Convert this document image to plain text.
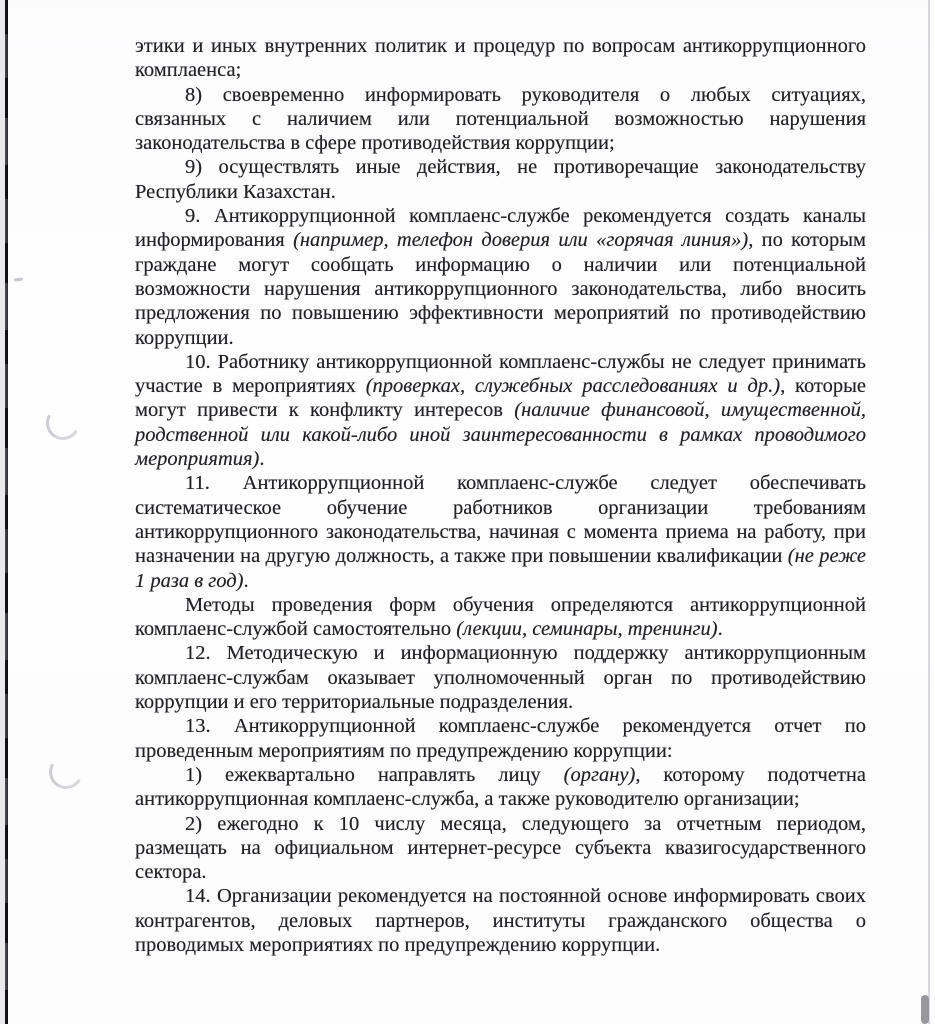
этики и иных внутренних политик и процедур по вопросам антикоррупционного комплаенса;

8) своевременно информировать руководителя о любых ситуациях, связанных с наличием или потенциальной возможностью нарушения законодательства в сфере противодействия коррупции;

9) осуществлять иные действия, не противоречащие законодательству Республики Казахстан.

9. Антикоррупционной комплаенс-службе рекомендуется создать каналы информирования (например, телефон доверия или «горячая линия»), по которым граждане могут сообщать информацию о наличии или потенциальной возможности нарушения антикоррупционного законодательства, либо вносить предложения по повышению эффективности мероприятий по противодействию коррупции.

10. Работнику антикоррупционной комплаенс-службы не следует принимать участие в мероприятиях (проверках, служебных расследованиях и др.), которые могут привести к конфликту интересов (наличие финансовой, имущественной, родственной или какой-либо иной заинтересованности в рамках проводимого мероприятия).

11. Антикоррупционной комплаенс-службе следует обеспечивать систематическое обучение работников организации требованиям антикоррупционного законодательства, начиная с момента приема на работу, при назначении на другую должность, а также при повышении квалификации (не реже 1 раза в год).

Методы проведения форм обучения определяются антикоррупционной комплаенс-службой самостоятельно (лекции, семинары, тренинги).

12. Методическую и информационную поддержку антикоррупционным комплаенс-службам оказывает уполномоченный орган по противодействию коррупции и его территориальные подразделения.

13. Антикоррупционной комплаенс-службе рекомендуется отчет по проведенным мероприятиям по предупреждению коррупции:

1) ежеквартально направлять лицу (органу), которому подотчетна антикоррупционная комплаенс-служба, а также руководителю организации;

2) ежегодно к 10 числу месяца, следующего за отчетным периодом, размещать на официальном интернет-ресурсе субъекта квазигосударственного сектора.

14. Организации рекомендуется на постоянной основе информировать своих контрагентов, деловых партнеров, институты гражданского общества о проводимых мероприятиях по предупреждению коррупции.
